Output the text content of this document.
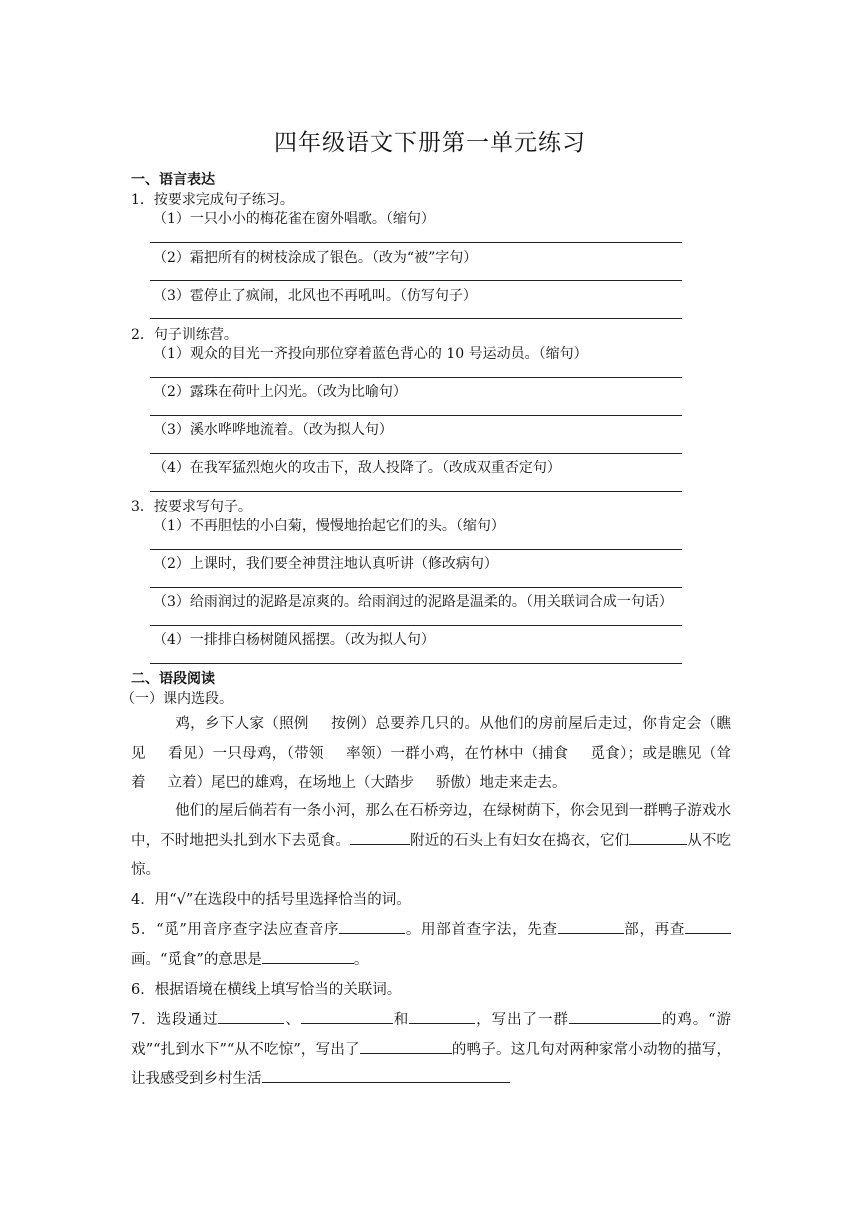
四年级语文下册第一单元练习
一、语言表达
1．按要求完成句子练习。
（1）一只小小的梅花雀在窗外唱歌。（缩句）
（2）霜把所有的树枝涂成了银色。（改为“被”字句）
（3）雹停止了疯闹，北风也不再吼叫。（仿写句子）
2．句子训练营。
（1）观众的目光一齐投向那位穿着蓝色背心的 10 号运动员。（缩句）
（2）露珠在荷叶上闪光。（改为比喻句）
（3）溪水哗哗地流着。（改为拟人句）
（4）在我军猛烈炮火的攻击下，敌人投降了。（改成双重否定句）
3．按要求写句子。
（1）不再胆怯的小白菊，慢慢地抬起它们的头。（缩句）
（2）上课时，我们要全神贯注地认真听讲（修改病句）
（3）给雨润过的泥路是凉爽的。给雨润过的泥路是温柔的。（用关联词合成一句话）
（4）一排排白杨树随风摇摆。（改为拟人句）
二、语段阅读
（一）课内选段。
鸡，乡下人家（照例 按例）总要养几只的。从他们的房前屋后走过，你肯定会（瞧见 看见）一只母鸡，（带领 率领）一群小鸡，在竹林中（捕食 觅食）；或是瞧见（耸着 立着）尾巴的雄鸡，在场地上（大踏步 骄傲）地走来走去。
他们的屋后倘若有一条小河，那么在石桥旁边，在绿树荫下，你会见到一群鸭子游戏水中，不时地把头扎到水下去觅食。	附近的石头上有妇女在捣衣，它们	从不吃惊。
4．用“√”在选段中的括号里选择恰当的词。
5．“觅”用音序查字法应查音序	。用部首查字法，先查	部，再查画。“觅食”的意思是	。
6．根据语境在横线上填写恰当的关联词。
7．选段通过	、	和	，写出了一群	的鸡。“游戏”“扎到水下”“从不吃惊”，写出了	的鸭子。这几句对两种家常小动物的描写，让我感受到乡村生活
